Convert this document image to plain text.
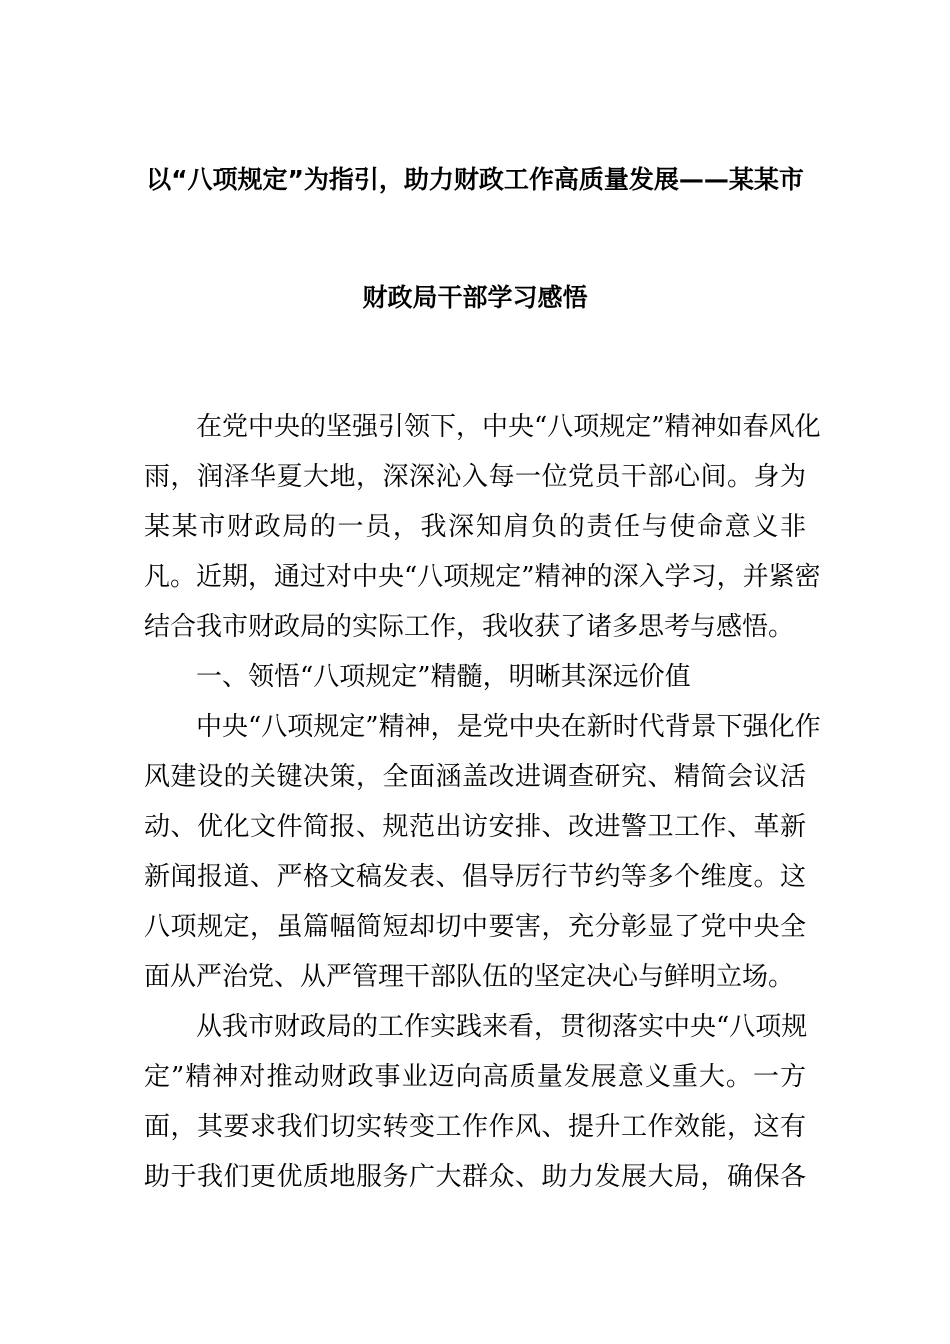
以“八项规定”为指引，助力财政工作高质量发展——某某市
财政局干部学习感悟
在党中央的坚强引领下，中央“八项规定”精神如春风化
雨，润泽华夏大地，深深沁入每一位党员干部心间。身为
某某市财政局的一员，我深知肩负的责任与使命意义非
凡。近期，通过对中央“八项规定”精神的深入学习，并紧密
结合我市财政局的实际工作，我收获了诸多思考与感悟。
一、领悟“八项规定”精髓，明晰其深远价值
中央“八项规定”精神，是党中央在新时代背景下强化作
风建设的关键决策，全面涵盖改进调查研究、精简会议活
动、优化文件简报、规范出访安排、改进警卫工作、革新
新闻报道、严格文稿发表、倡导厉行节约等多个维度。这
八项规定，虽篇幅简短却切中要害，充分彰显了党中央全
面从严治党、从严管理干部队伍的坚定决心与鲜明立场。
从我市财政局的工作实践来看，贯彻落实中央“八项规
定”精神对推动财政事业迈向高质量发展意义重大。一方
面，其要求我们切实转变工作作风、提升工作效能，这有
助于我们更优质地服务广大群众、助力发展大局，确保各
